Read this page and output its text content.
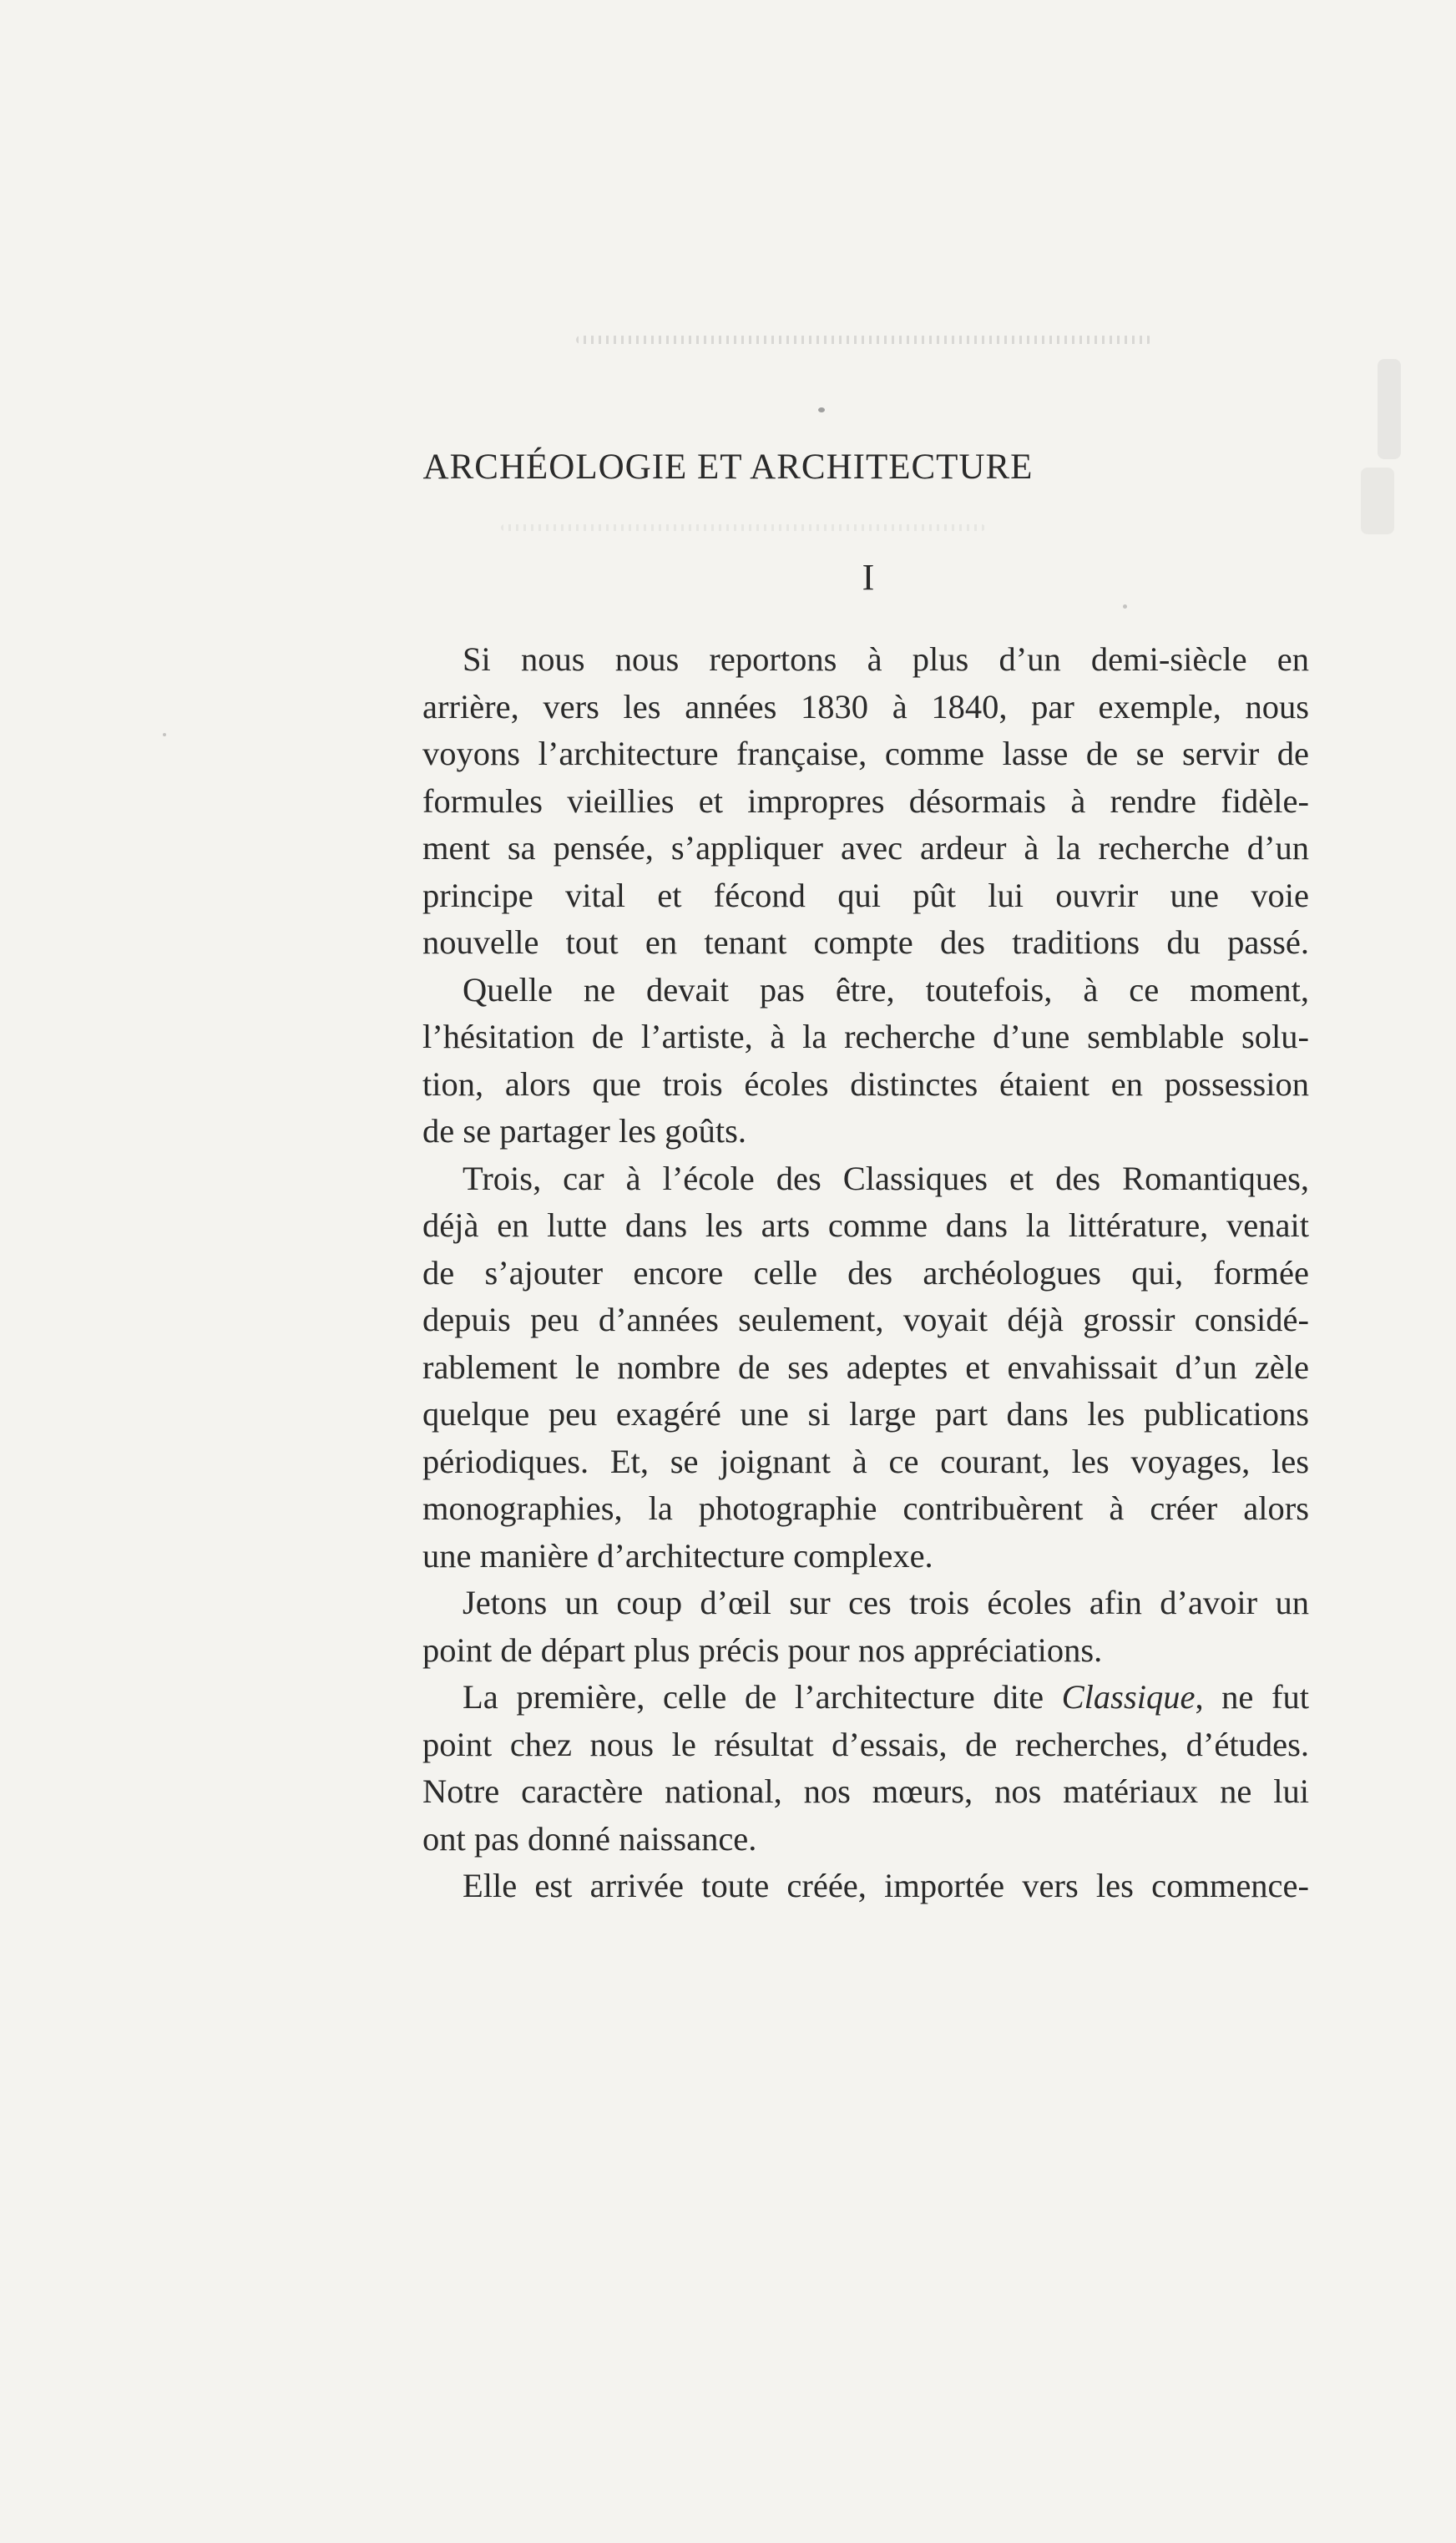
ARCHÉOLOGIE ET ARCHITECTURE
I
Si nous nous reportons à plus d’un demi-siècle en
arrière, vers les années 1830 à 1840, par exemple, nous
voyons l’architecture française, comme lasse de se servir de
formules vieillies et impropres désormais à rendre fidèle-
ment sa pensée, s’appliquer avec ardeur à la recherche d’un
principe vital et fécond qui pût lui ouvrir une voie
nouvelle tout en tenant compte des traditions du passé.
Quelle ne devait pas être, toutefois, à ce moment,
l’hésitation de l’artiste, à la recherche d’une semblable solu-
tion, alors que trois écoles distinctes étaient en possession
de se partager les goûts.
Trois, car à l’école des Classiques et des Romantiques,
déjà en lutte dans les arts comme dans la littérature, venait
de s’ajouter encore celle des archéologues qui, formée
depuis peu d’années seulement, voyait déjà grossir considé-
rablement le nombre de ses adeptes et envahissait d’un zèle
quelque peu exagéré une si large part dans les publications
périodiques. Et, se joignant à ce courant, les voyages, les
monographies, la photographie contribuèrent à créer alors
une manière d’architecture complexe.
Jetons un coup d’œil sur ces trois écoles afin d’avoir un
point de départ plus précis pour nos appréciations.
La première, celle de l’architecture dite Classique, ne fut
point chez nous le résultat d’essais, de recherches, d’études.
Notre caractère national, nos mœurs, nos matériaux ne lui
ont pas donné naissance.
Elle est arrivée toute créée, importée vers les commence-
